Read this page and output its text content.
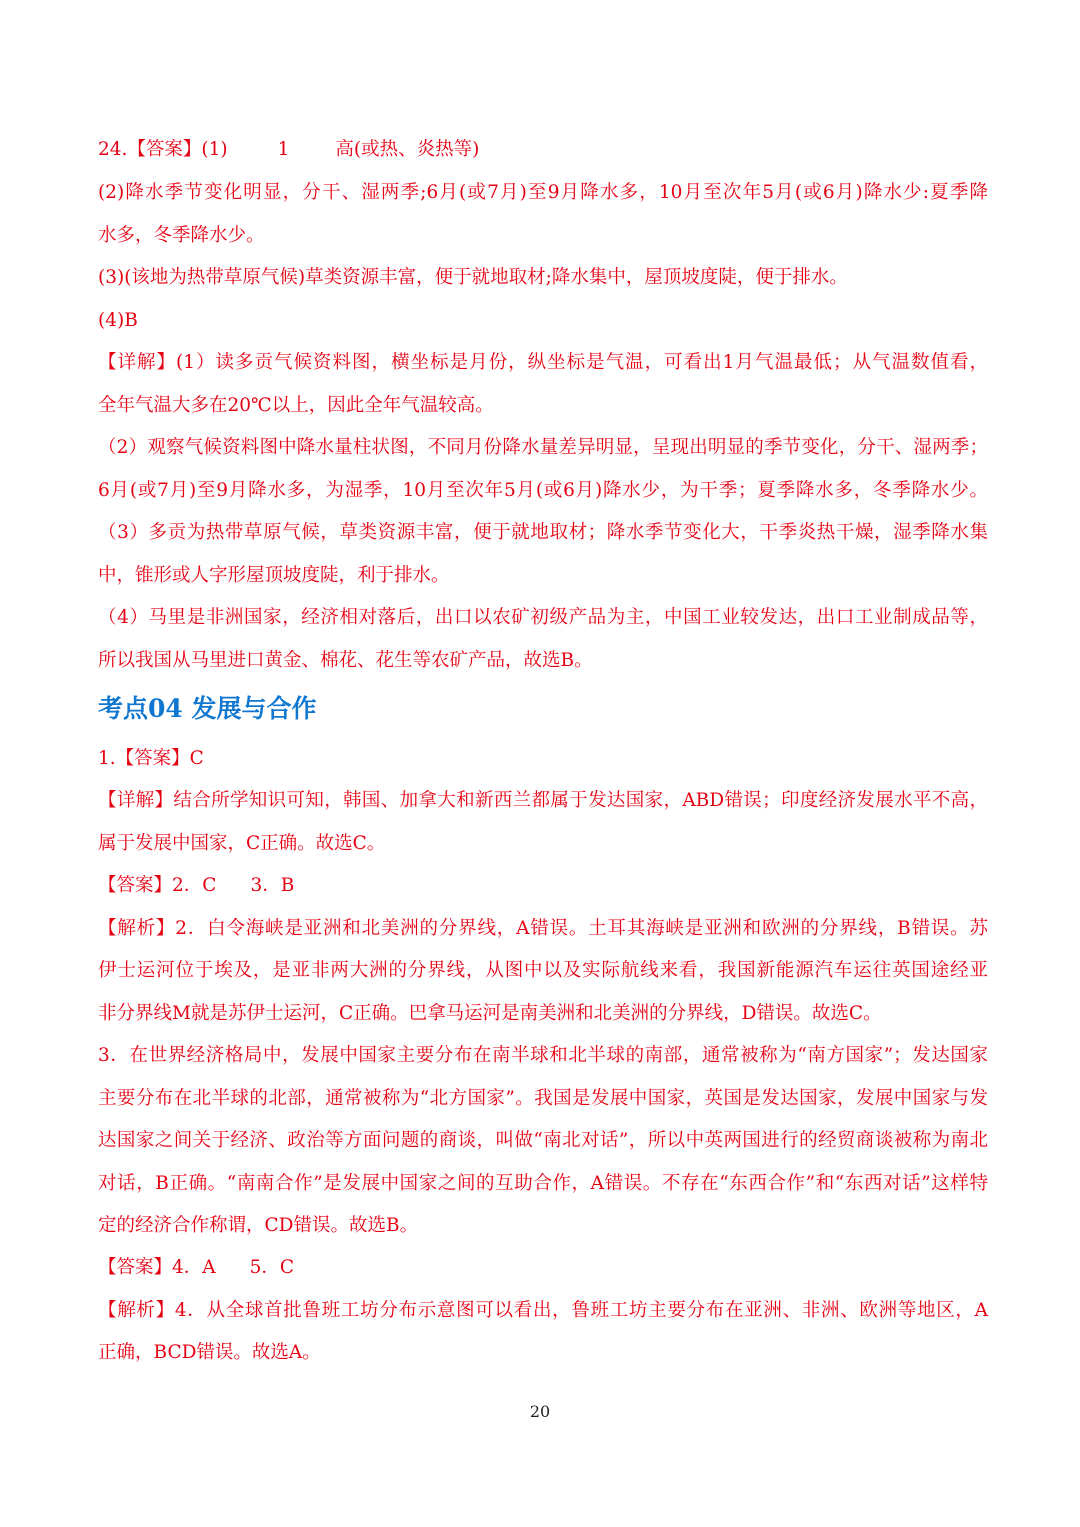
24.【答案】(1)	1 高(或热、炎热等)
(2)降水季节变化明显，分干、湿两季;6月(或7月)至9月降水多，10月至次年5月(或6月)降水少:夏季降
水多，冬季降水少。
(3)(该地为热带草原气候)草类资源丰富，便于就地取材;降水集中，屋顶坡度陡，便于排水。
(4)B
【详解】(1）读多贡气候资料图，横坐标是月份，纵坐标是气温，可看出1月气温最低；从气温数值看，
全年气温大多在20℃以上，因此全年气温较高。
（2）观察气候资料图中降水量柱状图，不同月份降水量差异明显，呈现出明显的季节变化，分干、湿两季；
6月(或7月)至9月降水多，为湿季，10月至次年5月(或6月)降水少，为干季；夏季降水多，冬季降水少。
（3）多贡为热带草原气候，草类资源丰富，便于就地取材；降水季节变化大，干季炎热干燥，湿季降水集
中，锥形或人字形屋顶坡度陡，利于排水。
（4）马里是非洲国家，经济相对落后，出口以农矿初级产品为主，中国工业较发达，出口工业制成品等，
所以我国从马里进口黄金、棉花、花生等农矿产品，故选B。
考点04 发展与合作
1.【答案】C
【详解】结合所学知识可知，韩国、加拿大和新西兰都属于发达国家，ABD错误；印度经济发展水平不高，
属于发展中国家，C正确。故选C。
【答案】2．C 3．B
【解析】2．白令海峡是亚洲和北美洲的分界线，A错误。土耳其海峡是亚洲和欧洲的分界线，B错误。苏
伊士运河位于埃及，是亚非两大洲的分界线，从图中以及实际航线来看，我国新能源汽车运往英国途经亚
非分界线M就是苏伊士运河，C正确。巴拿马运河是南美洲和北美洲的分界线，D错误。故选C。
3．在世界经济格局中，发展中国家主要分布在南半球和北半球的南部，通常被称为“南方国家”；发达国家
主要分布在北半球的北部，通常被称为“北方国家”。我国是发展中国家，英国是发达国家，发展中国家与发
达国家之间关于经济、政治等方面问题的商谈，叫做“南北对话”，所以中英两国进行的经贸商谈被称为南北
对话，B正确。“南南合作”是发展中国家之间的互助合作，A错误。不存在“东西合作”和“东西对话”这样特
定的经济合作称谓，CD错误。故选B。
【答案】4．A 5．C
【解析】4．从全球首批鲁班工坊分布示意图可以看出，鲁班工坊主要分布在亚洲、非洲、欧洲等地区，A
正确，BCD错误。故选A。
20
